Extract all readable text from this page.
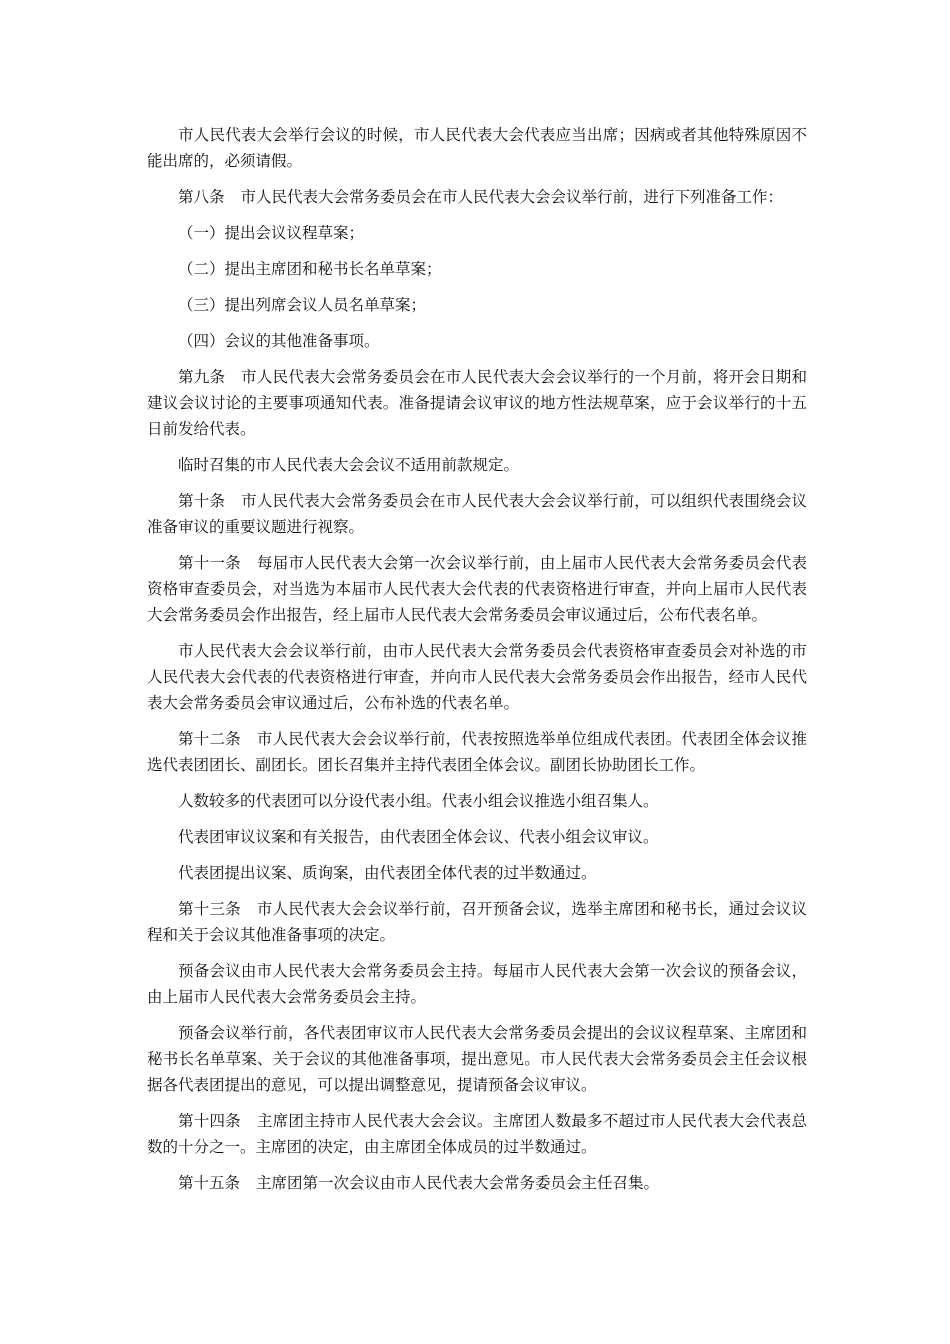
市人民代表大会举行会议的时候，市人民代表大会代表应当出席；因病或者其他特殊原因不能出席的，必须请假。

第八条 市人民代表大会常务委员会在市人民代表大会会议举行前，进行下列准备工作：

（一）提出会议议程草案；

（二）提出主席团和秘书长名单草案；

（三）提出列席会议人员名单草案；

（四）会议的其他准备事项。

第九条 市人民代表大会常务委员会在市人民代表大会会议举行的一个月前，将开会日期和建议会议讨论的主要事项通知代表。准备提请会议审议的地方性法规草案，应于会议举行的十五日前发给代表。

临时召集的市人民代表大会会议不适用前款规定。

第十条 市人民代表大会常务委员会在市人民代表大会会议举行前，可以组织代表围绕会议准备审议的重要议题进行视察。

第十一条 每届市人民代表大会第一次会议举行前，由上届市人民代表大会常务委员会代表资格审查委员会，对当选为本届市人民代表大会代表的代表资格进行审查，并向上届市人民代表大会常务委员会作出报告，经上届市人民代表大会常务委员会审议通过后，公布代表名单。

市人民代表大会会议举行前，由市人民代表大会常务委员会代表资格审查委员会对补选的市人民代表大会代表的代表资格进行审查，并向市人民代表大会常务委员会作出报告，经市人民代表大会常务委员会审议通过后，公布补选的代表名单。

第十二条 市人民代表大会会议举行前，代表按照选举单位组成代表团。代表团全体会议推选代表团团长、副团长。团长召集并主持代表团全体会议。副团长协助团长工作。

人数较多的代表团可以分设代表小组。代表小组会议推选小组召集人。

代表团审议议案和有关报告，由代表团全体会议、代表小组会议审议。

代表团提出议案、质询案，由代表团全体代表的过半数通过。

第十三条 市人民代表大会会议举行前，召开预备会议，选举主席团和秘书长，通过会议议程和关于会议其他准备事项的决定。

预备会议由市人民代表大会常务委员会主持。每届市人民代表大会第一次会议的预备会议，由上届市人民代表大会常务委员会主持。

预备会议举行前，各代表团审议市人民代表大会常务委员会提出的会议议程草案、主席团和秘书长名单草案、关于会议的其他准备事项，提出意见。市人民代表大会常务委员会主任会议根据各代表团提出的意见，可以提出调整意见，提请预备会议审议。

第十四条 主席团主持市人民代表大会会议。主席团人数最多不超过市人民代表大会代表总数的十分之一。主席团的决定，由主席团全体成员的过半数通过。

第十五条 主席团第一次会议由市人民代表大会常务委员会主任召集。
